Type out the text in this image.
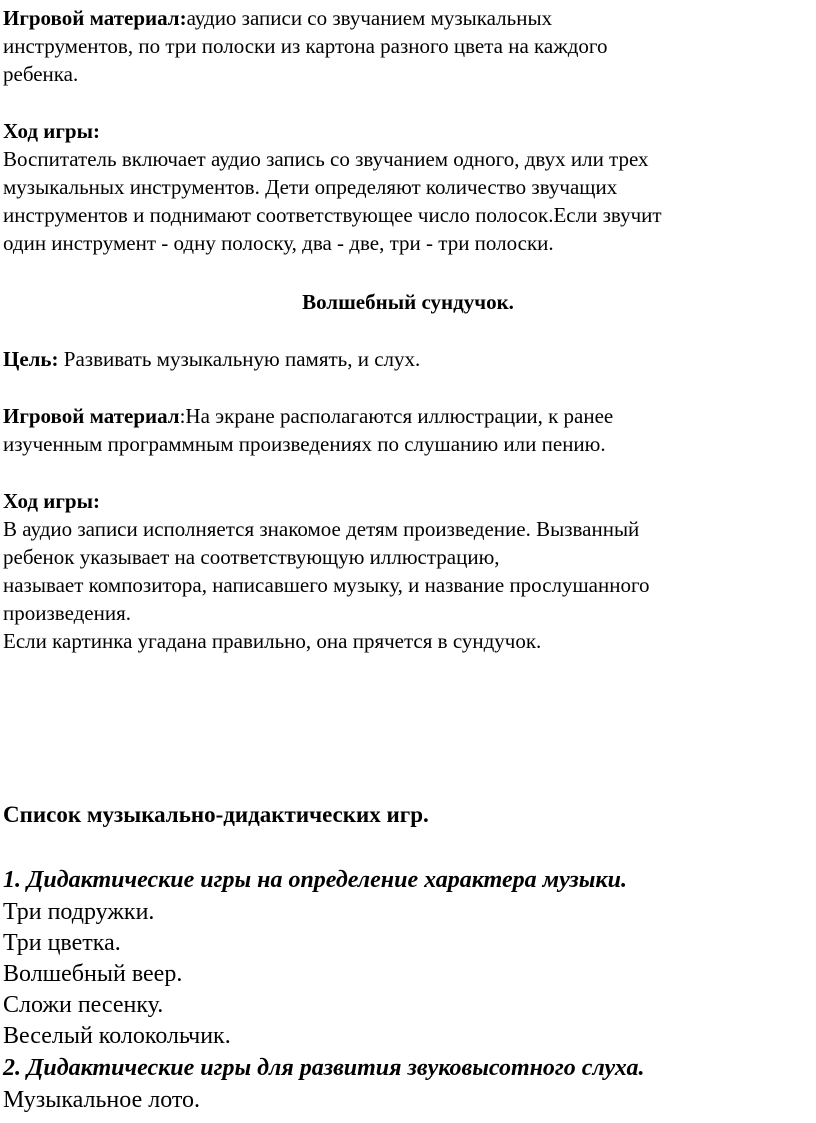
Игровой материал:аудио записи со звучанием музыкальных
инструментов, по три полоски из картона разного цвета на каждого
ребенка.
Ход игры:
Воспитатель включает аудио запись со звучанием одного, двух или трех
музыкальных инструментов. Дети определяют количество звучащих
инструментов и поднимают соответствующее число полосок.Если звучит
один инструмент - одну полоску, два - две, три - три полоски.
Волшебный сундучок.
Цель: Развивать музыкальную память, и слух.
Игровой материал:На экране располагаются иллюстрации, к ранее
изученным программным произведениях по слушанию или пению.
Ход игры:
В аудио записи исполняется знакомое детям произведение. Вызванный
ребенок указывает на соответствующую иллюстрацию,
называет композитора, написавшего музыку, и название прослушанного
произведения.
Если картинка угадана правильно, она прячется в сундучок.
Список музыкально-дидактических игр.
1. Дидактические игры на определение характера музыки.
Три подружки.
Три цветка.
Волшебный веер.
Сложи песенку.
Веселый колокольчик.
2. Дидактические игры для развития звуковысотного слуха.
Музыкальное лото.
